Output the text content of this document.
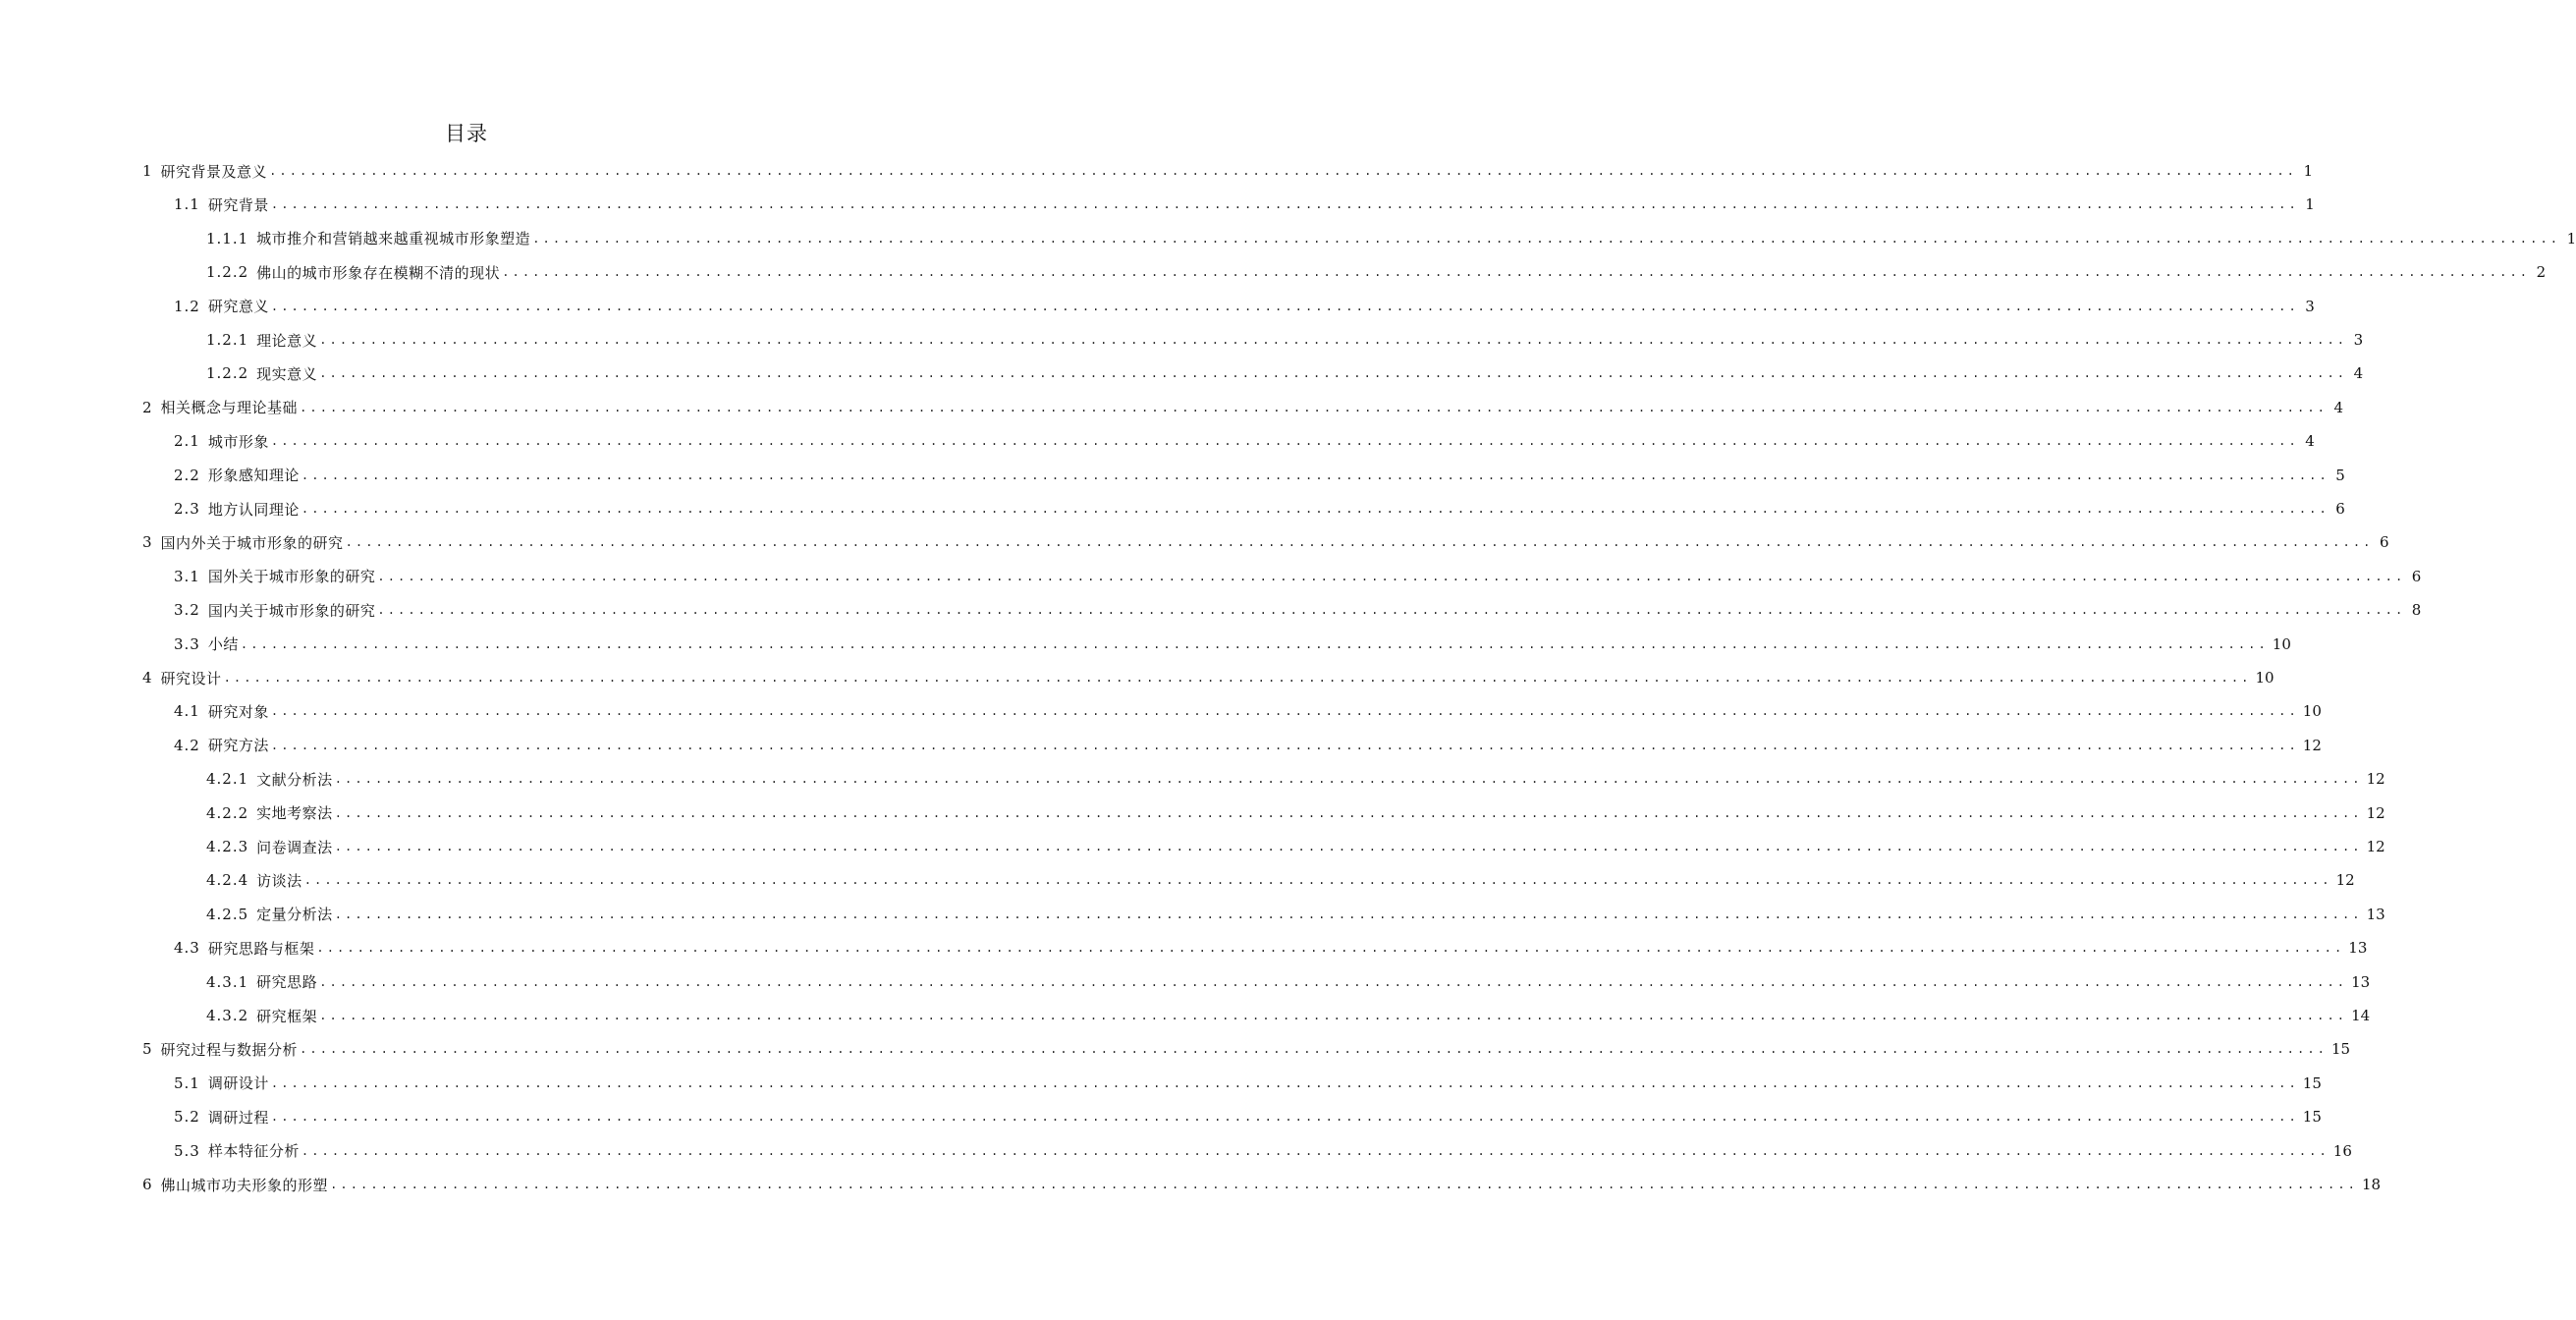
目录
1 研究背景及意义 ........................................................................................................................................................................................................ 1
1.1 研究背景 ........................................................................................................................................................................................................ 1
1.1.1 城市推介和营销越来越重视城市形象塑造 ........................................................................................................................................................................................................ 1
1.2.2 佛山的城市形象存在模糊不清的现状 ........................................................................................................................................................................................................ 2
1.2 研究意义 ........................................................................................................................................................................................................ 3
1.2.1 理论意义 ........................................................................................................................................................................................................ 3
1.2.2 现实意义 ........................................................................................................................................................................................................ 4
2 相关概念与理论基础 ........................................................................................................................................................................................................ 4
2.1 城市形象 ........................................................................................................................................................................................................ 4
2.2 形象感知理论 ........................................................................................................................................................................................................ 5
2.3 地方认同理论 ........................................................................................................................................................................................................ 6
3 国内外关于城市形象的研究 ........................................................................................................................................................................................................ 6
3.1 国外关于城市形象的研究 ........................................................................................................................................................................................................ 6
3.2 国内关于城市形象的研究 ........................................................................................................................................................................................................ 8
3.3 小结 ........................................................................................................................................................................................................ 10
4 研究设计 ........................................................................................................................................................................................................ 10
4.1 研究对象 ........................................................................................................................................................................................................ 10
4.2 研究方法 ........................................................................................................................................................................................................ 12
4.2.1 文献分析法 ........................................................................................................................................................................................................ 12
4.2.2 实地考察法 ........................................................................................................................................................................................................ 12
4.2.3 问卷调查法 ........................................................................................................................................................................................................ 12
4.2.4 访谈法 ........................................................................................................................................................................................................ 12
4.2.5 定量分析法 ........................................................................................................................................................................................................ 13
4.3 研究思路与框架 ........................................................................................................................................................................................................ 13
4.3.1 研究思路 ........................................................................................................................................................................................................ 13
4.3.2 研究框架 ........................................................................................................................................................................................................ 14
5 研究过程与数据分析 ........................................................................................................................................................................................................ 15
5.1 调研设计 ........................................................................................................................................................................................................ 15
5.2 调研过程 ........................................................................................................................................................................................................ 15
5.3 样本特征分析 ........................................................................................................................................................................................................ 16
6 佛山城市功夫形象的形塑 ........................................................................................................................................................................................................ 18
